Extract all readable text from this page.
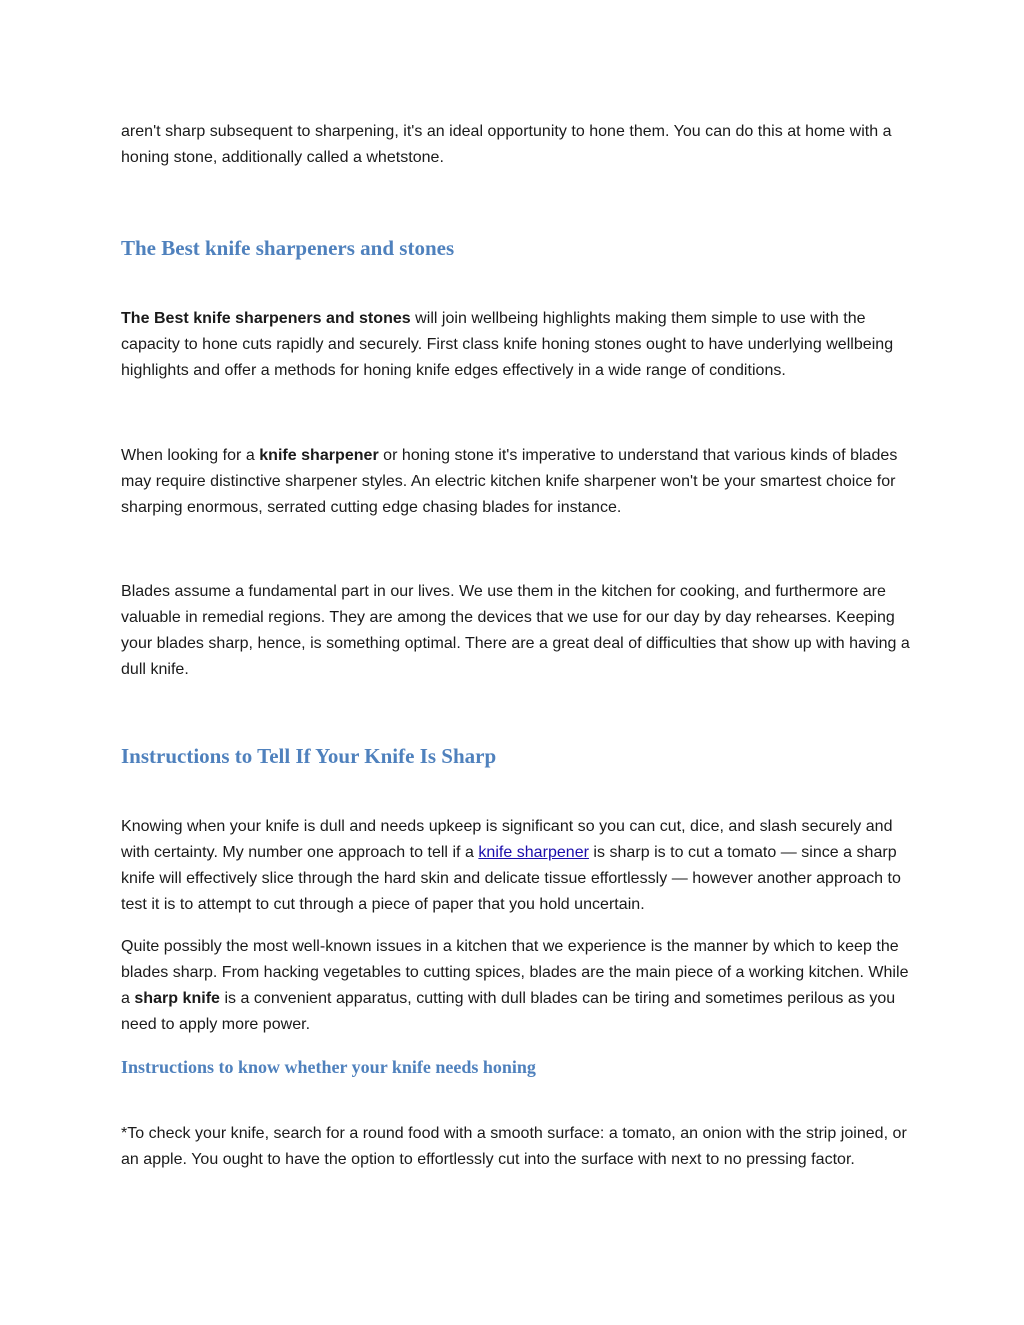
aren't sharp subsequent to sharpening, it's an ideal opportunity to hone them. You can do this at home with a honing stone, additionally called a whetstone.

The Best knife sharpeners and stones

The Best knife sharpeners and stones will join wellbeing highlights making them simple to use with the capacity to hone cuts rapidly and securely. First class knife honing stones ought to have underlying wellbeing highlights and offer a methods for honing knife edges effectively in a wide range of conditions.

When looking for a knife sharpener or honing stone it's imperative to understand that various kinds of blades may require distinctive sharpener styles. An electric kitchen knife sharpener won't be your smartest choice for sharping enormous, serrated cutting edge chasing blades for instance.

Blades assume a fundamental part in our lives. We use them in the kitchen for cooking, and furthermore are valuable in remedial regions. They are among the devices that we use for our day by day rehearses. Keeping your blades sharp, hence, is something optimal. There are a great deal of difficulties that show up with having a dull knife.

Instructions to Tell If Your Knife Is Sharp

Knowing when your knife is dull and needs upkeep is significant so you can cut, dice, and slash securely and with certainty. My number one approach to tell if a knife sharpener is sharp is to cut a tomato — since a sharp knife will effectively slice through the hard skin and delicate tissue effortlessly — however another approach to test it is to attempt to cut through a piece of paper that you hold uncertain.

Quite possibly the most well-known issues in a kitchen that we experience is the manner by which to keep the blades sharp. From hacking vegetables to cutting spices, blades are the main piece of a working kitchen. While a sharp knife is a convenient apparatus, cutting with dull blades can be tiring and sometimes perilous as you need to apply more power.

Instructions to know whether your knife needs honing

*To check your knife, search for a round food with a smooth surface: a tomato, an onion with the strip joined, or an apple. You ought to have the option to effortlessly cut into the surface with next to no pressing factor.
